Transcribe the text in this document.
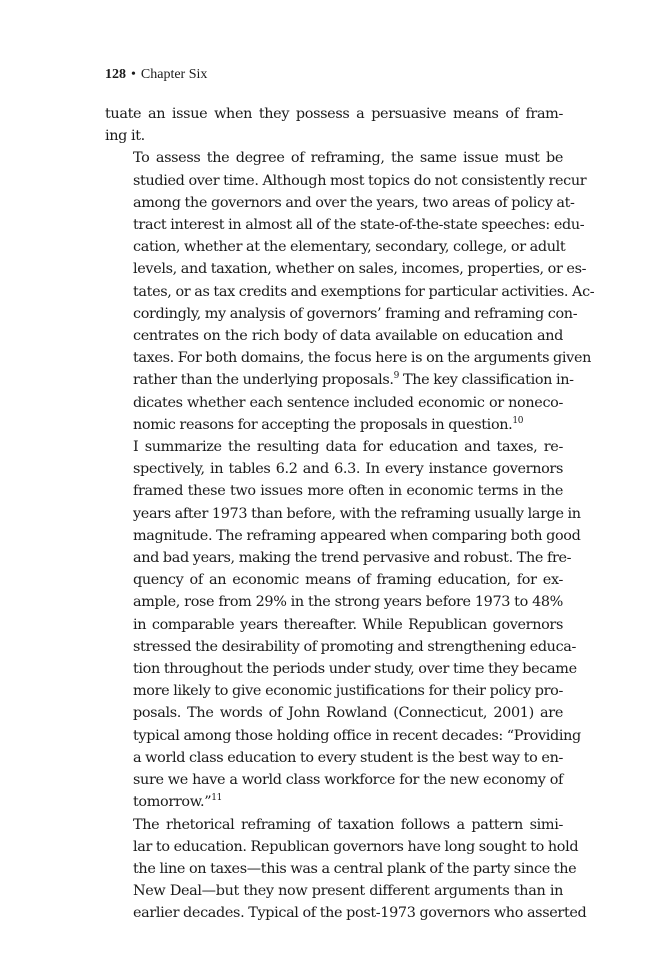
128 • Chapter Six

tuate an issue when they possess a persuasive means of fram-
ing it.

To assess the degree of reframing, the same issue must be
studied over time. Although most topics do not consistently recur
among the governors and over the years, two areas of policy at-
tract interest in almost all of the state-of-the-state speeches: edu-
cation, whether at the elementary, secondary, college, or adult
levels, and taxation, whether on sales, incomes, properties, or es-
tates, or as tax credits and exemptions for particular activities. Ac-
cordingly, my analysis of governors’ framing and reframing con-
centrates on the rich body of data available on education and
taxes. For both domains, the focus here is on the arguments given
rather than the underlying proposals.$^9$ The key classification in-
dicates whether each sentence included economic or noneco-
nomic reasons for accepting the proposals in question.$^{10}$

I summarize the resulting data for education and taxes, re-
spectively, in tables 6.2 and 6.3. In every instance governors
framed these two issues more often in economic terms in the
years after 1973 than before, with the reframing usually large in
magnitude. The reframing appeared when comparing both good
and bad years, making the trend pervasive and robust. The fre-
quency of an economic means of framing education, for ex-
ample, rose from 29% in the strong years before 1973 to 48%
in comparable years thereafter. While Republican governors
stressed the desirability of promoting and strengthening educa-
tion throughout the periods under study, over time they became
more likely to give economic justifications for their policy pro-
posals. The words of John Rowland (Connecticut, 2001) are
typical among those holding office in recent decades: “Providing
a world class education to every student is the best way to en-
sure we have a world class workforce for the new economy of
tomorrow.”$^{11}$

The rhetorical reframing of taxation follows a pattern simi-
lar to education. Republican governors have long sought to hold
the line on taxes—this was a central plank of the party since the
New Deal—but they now present different arguments than in
earlier decades. Typical of the post-1973 governors who asserted
